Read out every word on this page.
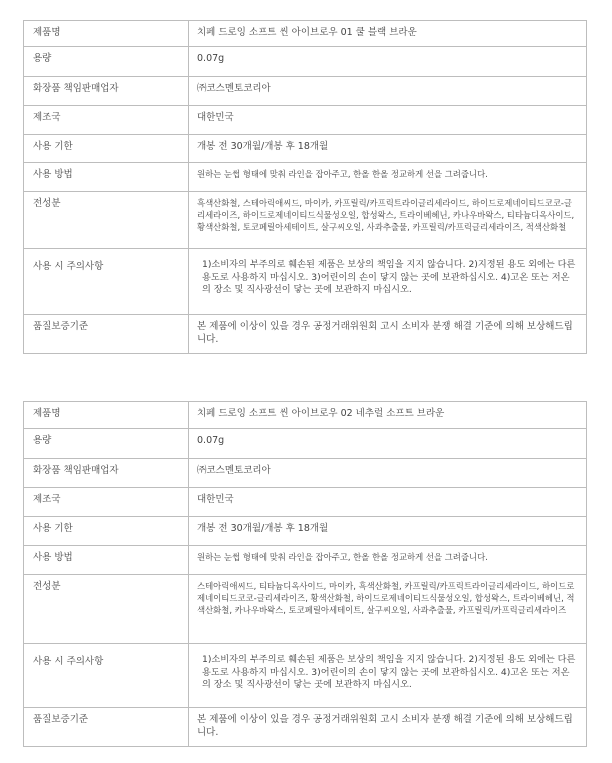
제품명	치페 드로잉 소프트 씬 아이브로우 01 쿨 블랙 브라운
용량	0.07g
화장품 책임판매업자	㈜코스멘토코리아
제조국	대한민국
사용 기한	개봉 전 30개월/개봉 후 18개월
사용 방법	원하는 눈썹 형태에 맞춰 라인을 잡아주고, 한올 한올 정교하게 선을 그려줍니다.
전성분	흑색산화철, 스테아릭애씨드, 마이카, 카프릴릭/카프릭트라이글리세라이드, 하이드로제네이티드코코-글리세라이즈, 하이드로제네이티드식물성오일, 합성왁스, 트라이베헤닌, 카나우바왁스, 티타늄디옥사이드, 황색산화철, 토코페릴아세테이트, 살구씨오일, 사과추출물, 카프릴릭/카프릭글리세라이즈, 적색산화철
사용 시 주의사항	1)소비자의 부주의로 훼손된 제품은 보상의 책임을 지지 않습니다. 2)지정된 용도 외에는 다른 용도로 사용하지 마십시오. 3)어린이의 손이 닿지 않는 곳에 보관하십시오. 4)고온 또는 저온의 장소 및 직사광선이 닿는 곳에 보관하지 마십시오.
품질보증기준	본 제품에 이상이 있을 경우 공정거래위원회 고시 소비자 분쟁 해결 기준에 의해 보상해드립니다.
제품명	치페 드로잉 소프트 씬 아이브로우 02 네추럴 소프트 브라운
용량	0.07g
화장품 책임판매업자	㈜코스멘토코리아
제조국	대한민국
사용 기한	개봉 전 30개월/개봉 후 18개월
사용 방법	원하는 눈썹 형태에 맞춰 라인을 잡아주고, 한올 한올 정교하게 선을 그려줍니다.
전성분	스테아릭애씨드, 티타늄디옥사이드, 마이카, 흑색산화철, 카프릴릭/카프릭트라이글리세라이드, 하이드로제네이티드코코-글리세라이즈, 황색산화철, 하이드로제네이티드식물성오일, 합성왁스, 트라이베헤닌, 적색산화철, 카나우바왁스, 토코페릴아세테이트, 살구씨오일, 사과추출물, 카프릴릭/카프릭글리세라이즈
사용 시 주의사항	1)소비자의 부주의로 훼손된 제품은 보상의 책임을 지지 않습니다. 2)지정된 용도 외에는 다른 용도로 사용하지 마십시오. 3)어린이의 손이 닿지 않는 곳에 보관하십시오. 4)고온 또는 저온의 장소 및 직사광선이 닿는 곳에 보관하지 마십시오.
품질보증기준	본 제품에 이상이 있을 경우 공정거래위원회 고시 소비자 분쟁 해결 기준에 의해 보상해드립니다.
